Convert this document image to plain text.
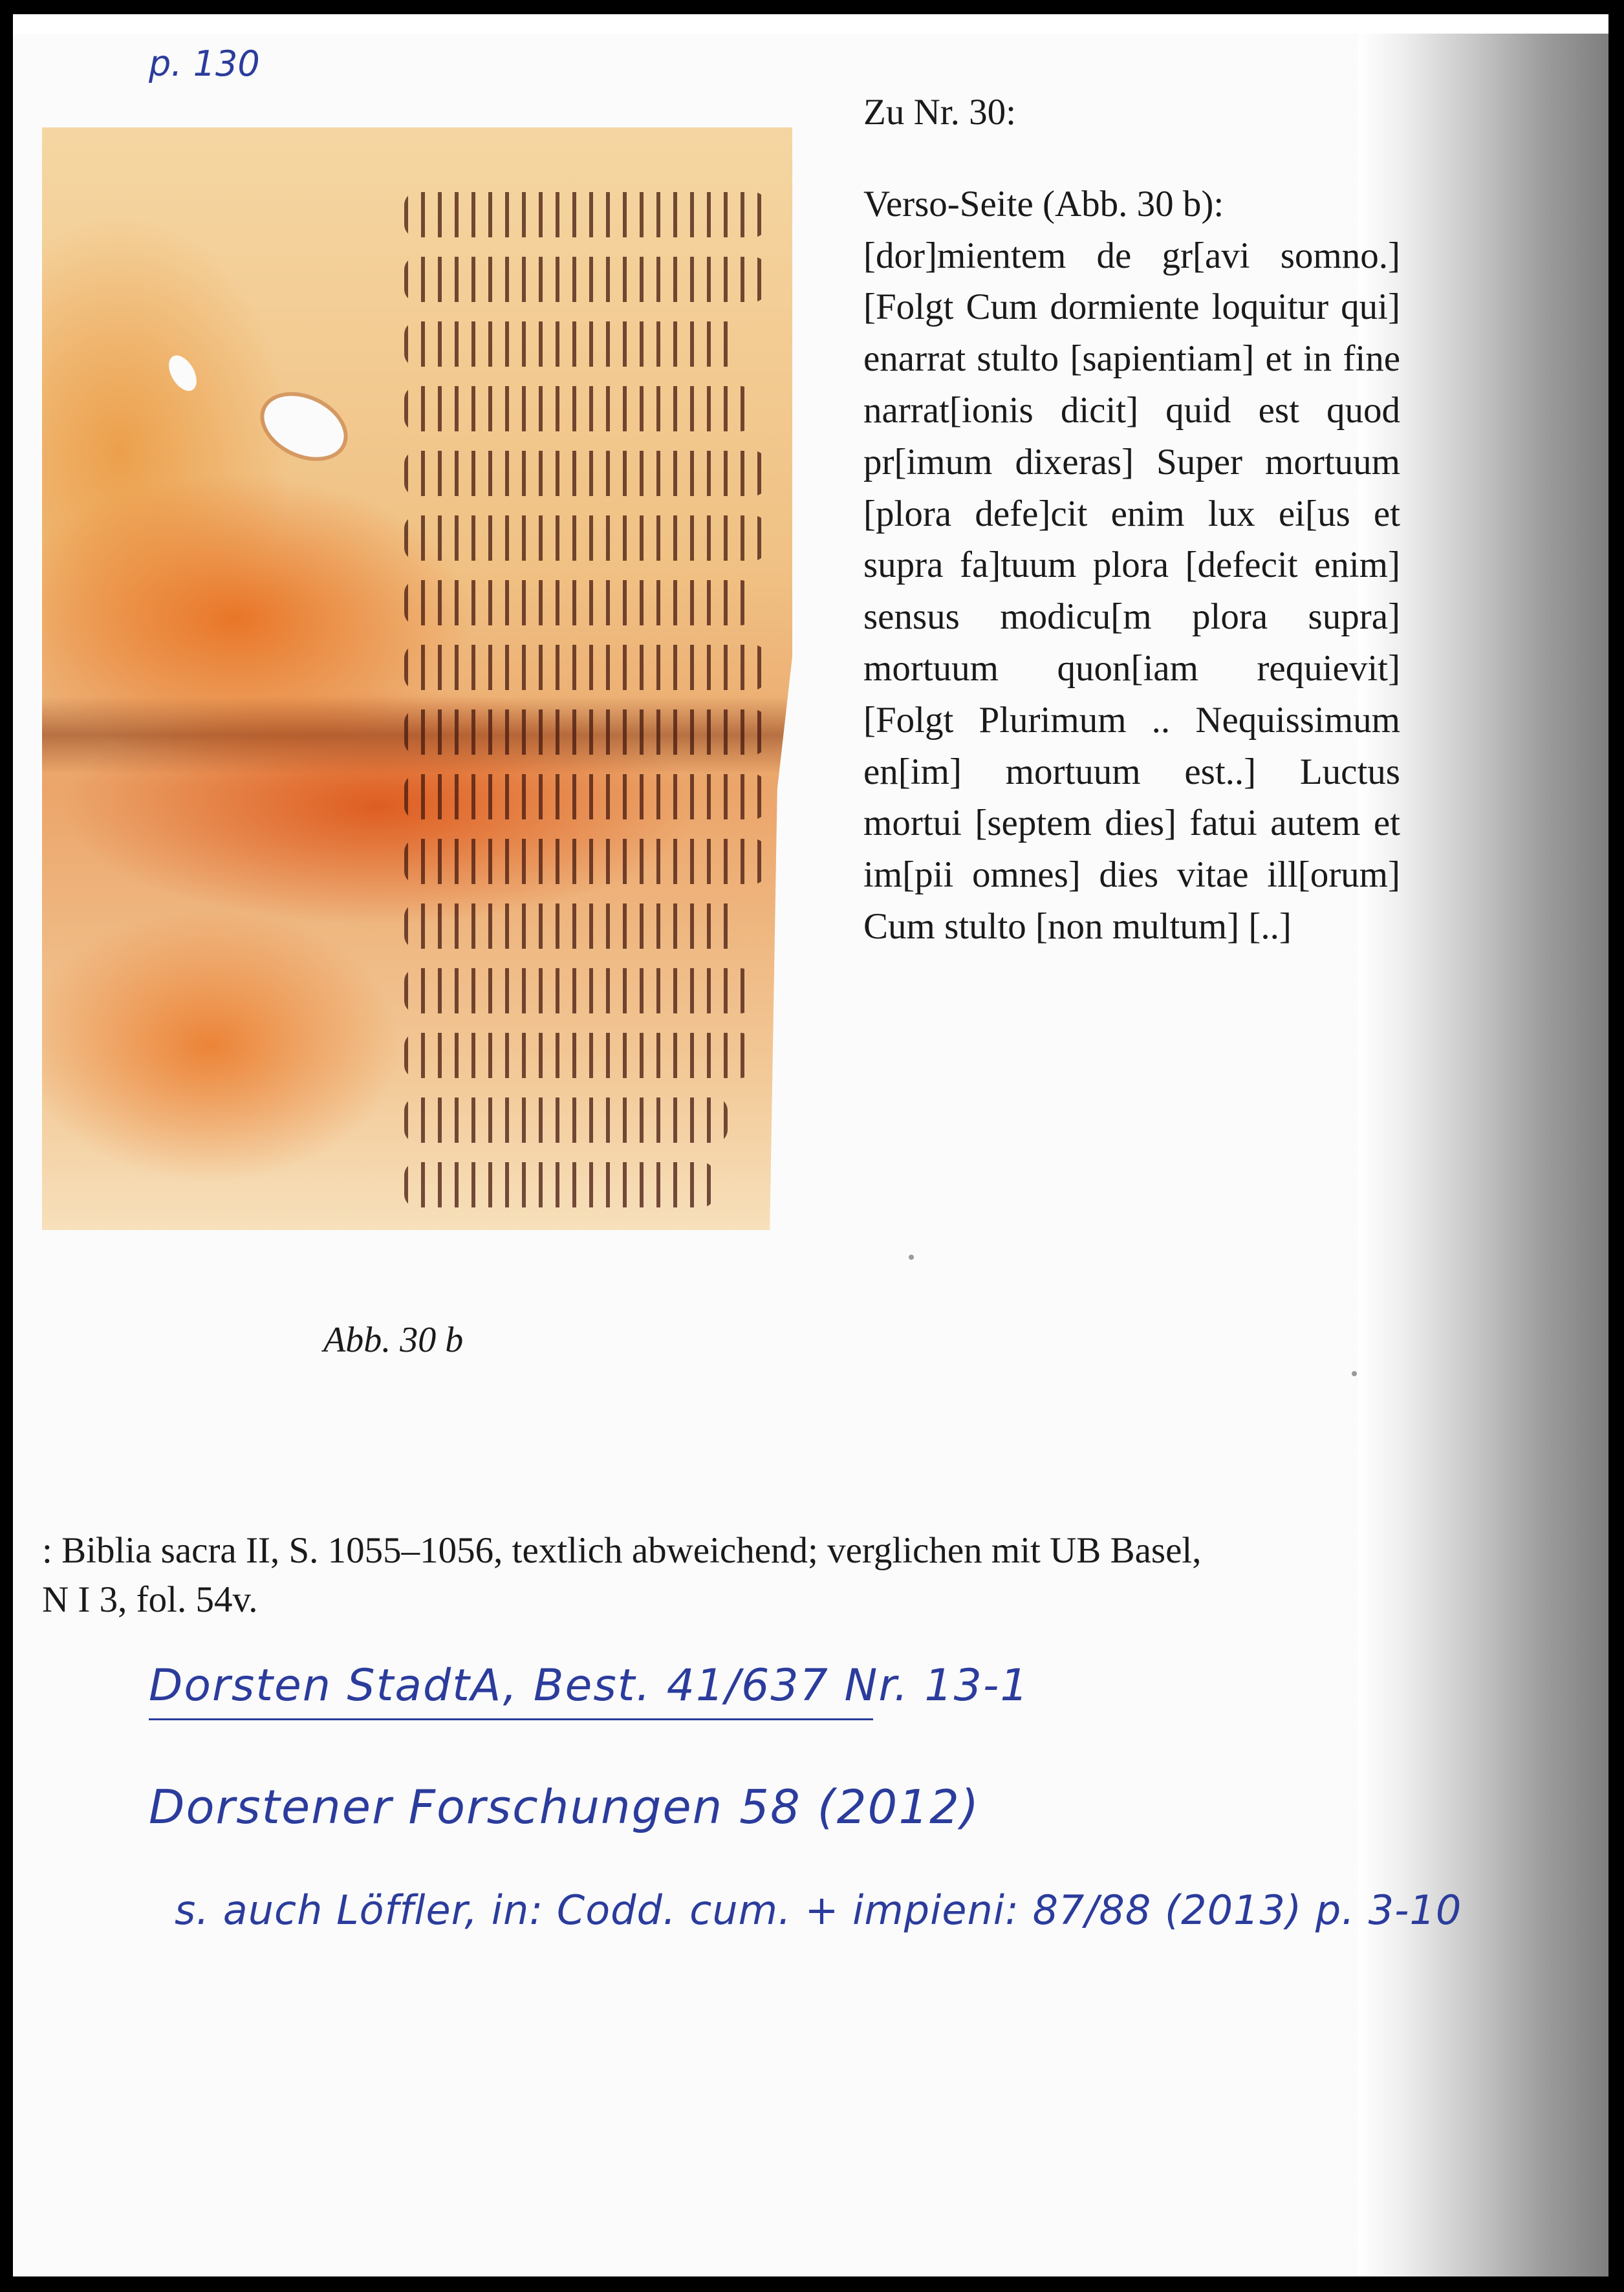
p. 130

Zu Nr. 30:

Verso-Seite (Abb. 30 b):

[dor]mientem de gr[avi somno.] [Folgt Cum dormiente loquitur qui] enarrat stulto [sapientiam] et in fine narrat[ionis dicit] quid est quod pr[imum dixeras] Super mortuum [plora defe]cit enim lux ei[us et supra fa]tuum plora [defecit enim] sensus modicu[m plora supra] mortuum quon[iam requievit] [Folgt Plurimum .. Nequissimum en[im] mortuum est..] Luctus mortui [septem dies] fatui autem et im[pii omnes] dies vitae ill[orum] Cum stulto [non multum] [..]

Abb. 30 b

: Biblia sacra II, S. 1055–1056, textlich abweichend; verglichen mit UB Basel,

N I 3, fol. 54v.

Dorsten StadtA, Best. 41/637 Nr. 13-1
Dorstener Forschungen 58 (2012)
s. auch Löffler, in: Codd. cum. + impieni: 87/88 (2013) p. 3-10
